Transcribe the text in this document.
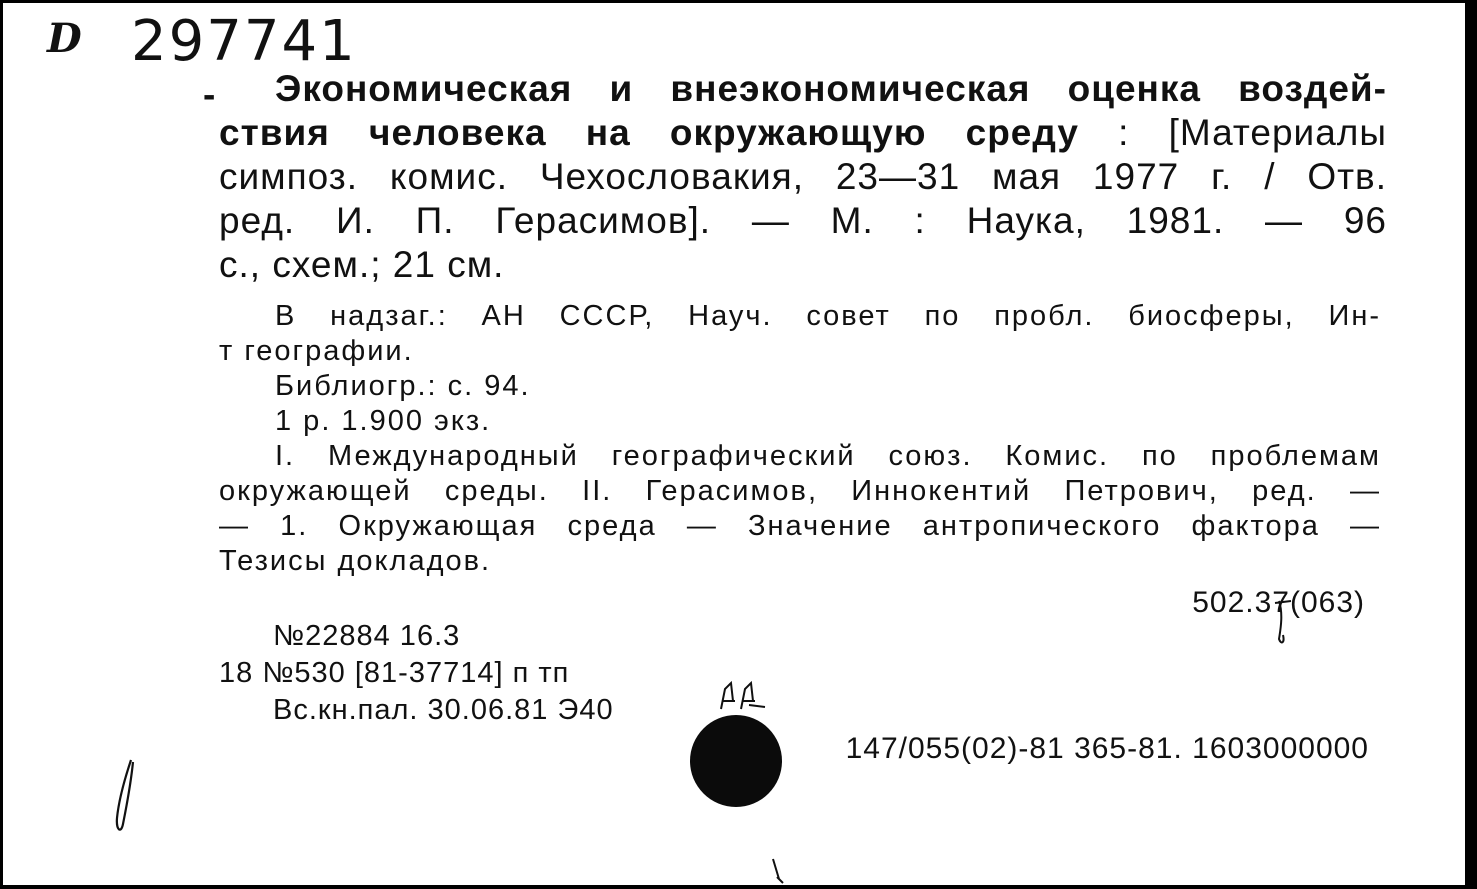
D 297741
-	Экономическая и внеэкономическая оценка воздей-
ствия человека на окружающую среду : [Материалы
симпоз. комис. Чехословакия, 23—31 мая 1977 г. / Отв.
ред. И. П. Герасимов]. — М. : Наука, 1981. — 96
с., схем.; 21 см.
В надзаг.: АН СССР, Науч. совет по пробл. биосферы, Ин-
т географии.
Библиогр.: с. 94.
1 р. 1.900 экз.
I. Международный географический союз. Комис. по проблемам
окружающей среды. II. Герасимов, Иннокентий Петрович, ред. —
— 1. Окружающая среда — Значение антропического фактора —
Тезисы докладов.
502.37(063)
№22884 16.3
18 №530 [81-37714] п тп
Вс.кн.пал. 30.06.81 Э40
147/055(02)-81 365-81. 1603000000
